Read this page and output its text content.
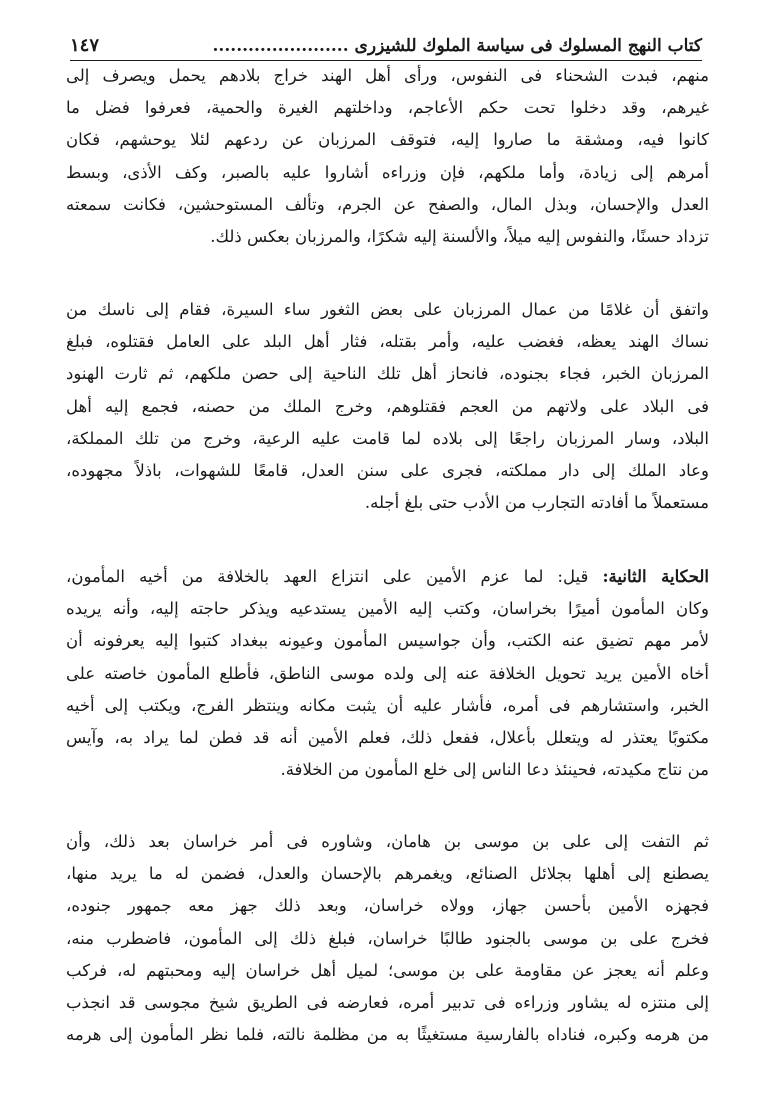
كتاب النهج المسلوك فى سياسة الملوك للشيزرى .......................
١٤٧
منهم، فبدت الشحناء فى النفوس، ورأى أهل الهند خراج بلادهم يحمل ويصرف إلى
غيرهم، وقد دخلوا تحت حكم الأعاجم، وداخلتهم الغيرة والحمية، فعرفوا فضل ما
كانوا فيه، ومشقة ما صاروا إليه، فتوقف المرزبان عن ردعهم لئلا يوحشهم، فكان
أمرهم إلى زيادة، وأما ملكهم، فإن وزراءه أشاروا عليه بالصبر، وكف الأذى، وبسط
العدل والإحسان، وبذل المال، والصفح عن الجرم، وتألف المستوحشين، فكانت سمعته
تزداد حسنًا، والنفوس إليه ميلاً، والألسنة إليه شكرًا، والمرزبان بعكس ذلك.
واتفق أن غلامًا من عمال المرزبان على بعض الثغور ساء السيرة، فقام إلى ناسك من
نساك الهند يعظه، فغضب عليه، وأمر بقتله، فثار أهل البلد على العامل فقتلوه، فبلغ
المرزبان الخبر، فجاء بجنوده، فانحاز أهل تلك الناحية إلى حصن ملكهم، ثم ثارت الهنود
فى البلاد على ولاتهم من العجم فقتلوهم، وخرج الملك من حصنه، فجمع إليه أهل
البلاد، وسار المرزبان راجعًا إلى بلاده لما قامت عليه الرعية، وخرج من تلك المملكة،
وعاد الملك إلى دار مملكته، فجرى على سنن العدل، قامعًا للشهوات، باذلاً مجهوده،
مستعملاً ما أفادته التجارب من الأدب حتى بلغ أجله.
الحكاية الثانية: قيل: لما عزم الأمين على انتزاع العهد بالخلافة من أخيه المأمون،
وكان المأمون أميرًا بخراسان، وكتب إليه الأمين يستدعيه ويذكر حاجته إليه، وأنه يريده
لأمر مهم تضيق عنه الكتب، وأن جواسيس المأمون وعيونه ببغداد كتبوا إليه يعرفونه أن
أخاه الأمين يريد تحويل الخلافة عنه إلى ولده موسى الناطق، فأطلع المأمون خاصته على
الخبر، واستشارهم فى أمره، فأشار عليه أن يثبت مكانه وينتظر الفرج، ويكتب إلى أخيه
مكتوبًا يعتذر له ويتعلل بأعلال، ففعل ذلك، فعلم الأمين أنه قد فطن لما يراد به، وآيس
من نتاج مكيدته، فحينئذ دعا الناس إلى خلع المأمون من الخلافة.
ثم التفت إلى على بن موسى بن هامان، وشاوره فى أمر خراسان بعد ذلك، وأن
يصطنع إلى أهلها بجلائل الصنائع، ويغمرهم بالإحسان والعدل، فضمن له ما يريد منها،
فجهزه الأمين بأحسن جهاز، وولاه خراسان، وبعد ذلك جهز معه جمهور جنوده،
فخرج على بن موسى بالجنود طالبًا خراسان، فبلغ ذلك إلى المأمون، فاضطرب منه،
وعلم أنه يعجز عن مقاومة على بن موسى؛ لميل أهل خراسان إليه ومحبتهم له، فركب
إلى منتزه له يشاور وزراءه فى تدبير أمره، فعارضه فى الطريق شيخ مجوسى قد انجذب
من هرمه وكبره، فناداه بالفارسية مستغيثًا به من مظلمة نالته، فلما نظر المأمون إلى هرمه
